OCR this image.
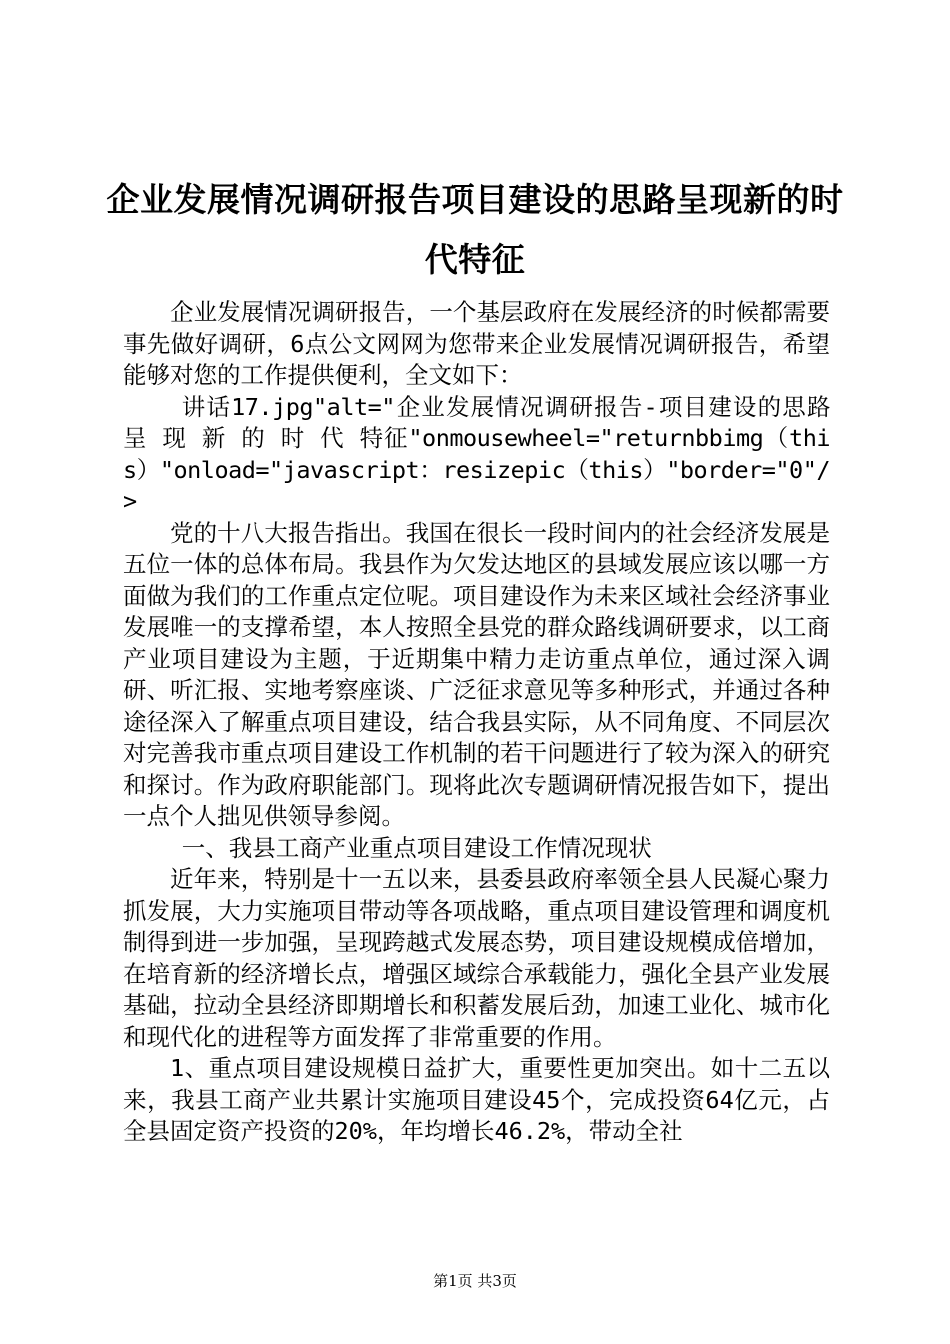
企业发展情况调研报告项目建设的思路呈现新的时代特征

企业发展情况调研报告，一个基层政府在发展经济的时候都需要事先做好调研，6点公文网网为您带来企业发展情况调研报告，希望能够对您的工作提供便利，全文如下：

讲话17.jpg"alt="企业发展情况调研报告-项目建设的思路 呈 现 新 的 时 代 特征"onmousewheel="returnbbimg（this）"onload="javascript：resizepic（this）"border="0"/>

党的十八大报告指出。我国在很长一段时间内的社会经济发展是五位一体的总体布局。我县作为欠发达地区的县域发展应该以哪一方面做为我们的工作重点定位呢。项目建设作为未来区域社会经济事业发展唯一的支撑希望，本人按照全县党的群众路线调研要求，以工商产业项目建设为主题，于近期集中精力走访重点单位，通过深入调研、听汇报、实地考察座谈、广泛征求意见等多种形式，并通过各种途径深入了解重点项目建设，结合我县实际，从不同角度、不同层次对完善我市重点项目建设工作机制的若干问题进行了较为深入的研究和探讨。作为政府职能部门。现将此次专题调研情况报告如下，提出一点个人拙见供领导参阅。

一、我县工商产业重点项目建设工作情况现状

近年来，特别是十一五以来，县委县政府率领全县人民凝心聚力抓发展，大力实施项目带动等各项战略，重点项目建设管理和调度机制得到进一步加强，呈现跨越式发展态势，项目建设规模成倍增加，在培育新的经济增长点，增强区域综合承载能力，强化全县产业发展基础，拉动全县经济即期增长和积蓄发展后劲，加速工业化、城市化和现代化的进程等方面发挥了非常重要的作用。

1、重点项目建设规模日益扩大，重要性更加突出。如十二五以来，我县工商产业共累计实施项目建设45个，完成投资64亿元，占全县固定资产投资的20%，年均增长46.2%，带动全社

第1页 共3页
